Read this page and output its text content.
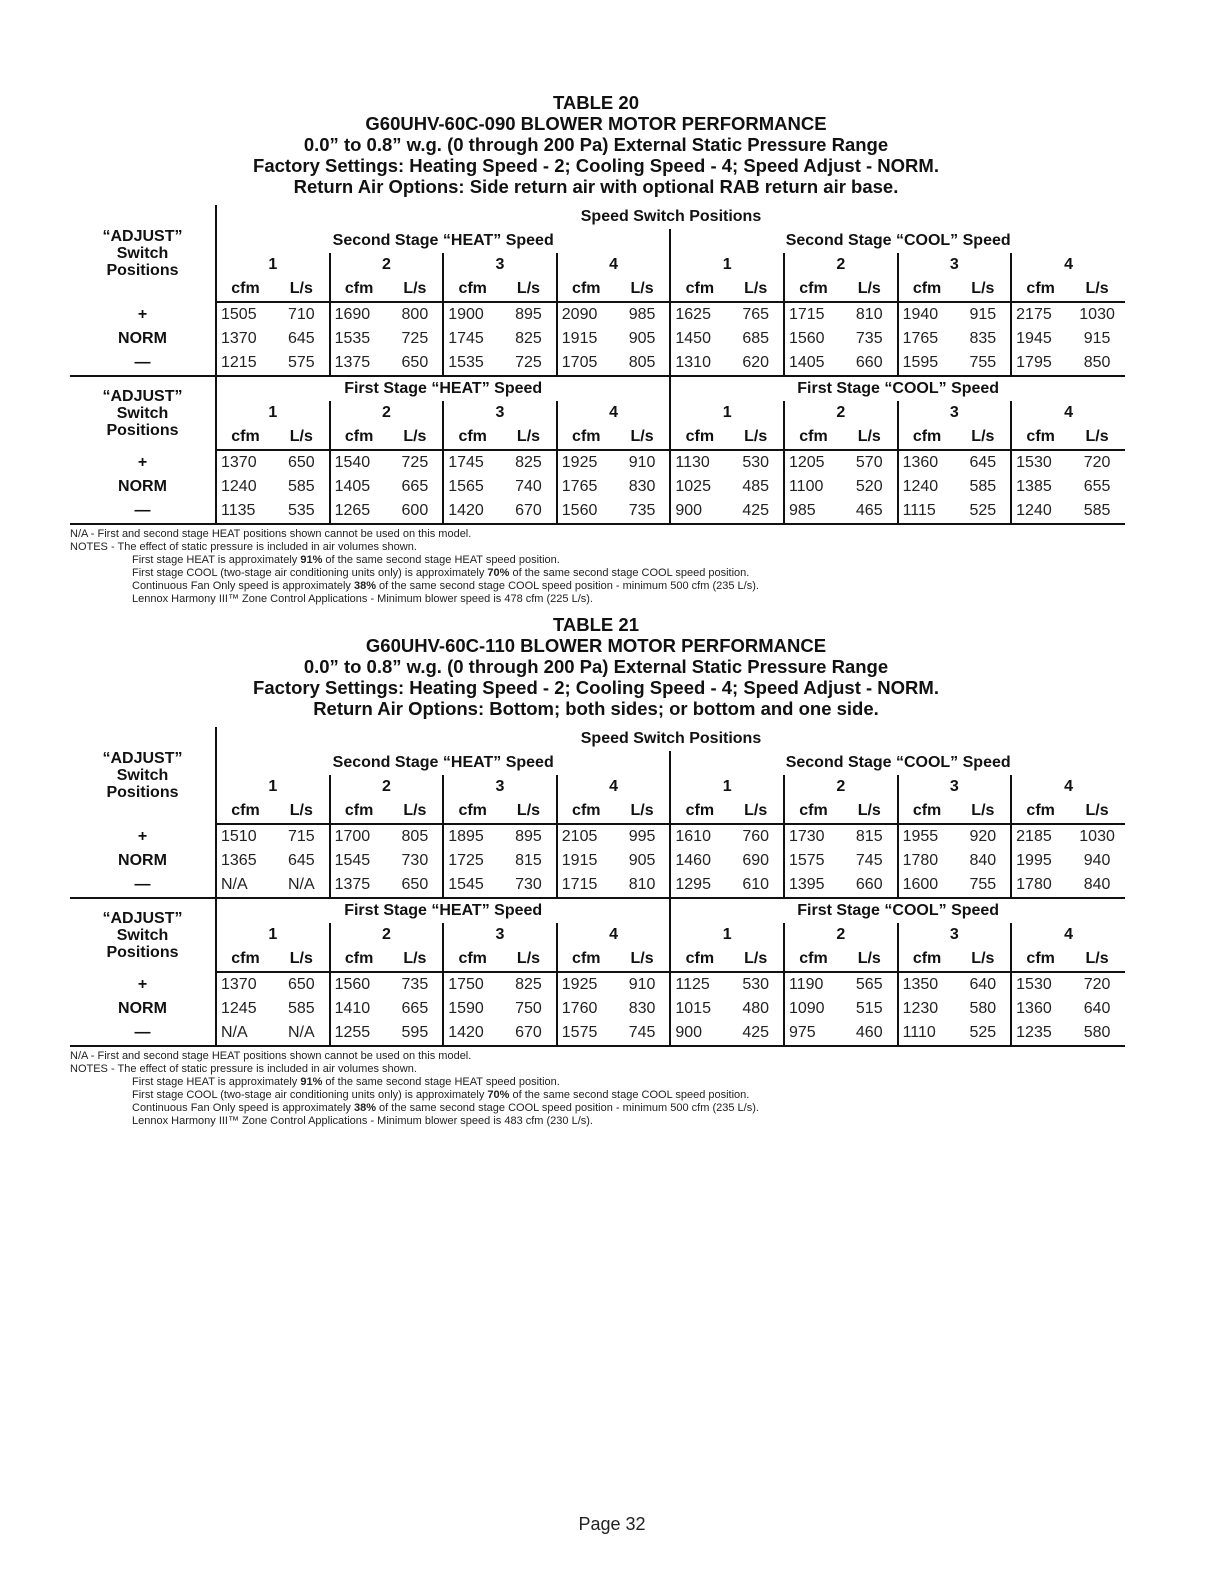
TABLE 20
G60UHV-60C-090 BLOWER MOTOR PERFORMANCE
0.0” to 0.8” w.g. (0 through 200 Pa) External Static Pressure Range
Factory Settings: Heating Speed - 2; Cooling Speed - 4; Speed Adjust - NORM.
Return Air Options: Side return air with optional RAB return air base.
“ADJUST”
Switch
Positions	Speed Switch Positions															
	Second Stage “HEAT” Speed								Second Stage “COOL” Speed							
	1		2		3		4		1		2		3		4	
	cfm	L/s	cfm	L/s	cfm	L/s	cfm	L/s	cfm	L/s	cfm	L/s	cfm	L/s	cfm	L/s
+	1505	710	1690	800	1900	895	2090	985	1625	765	1715	810	1940	915	2175	1030
NORM	1370	645	1535	725	1745	825	1915	905	1450	685	1560	735	1765	835	1945	915
—	1215	575	1375	650	1535	725	1705	805	1310	620	1405	660	1595	755	1795	850

“ADJUST”
Switch
Positions	First Stage “HEAT” Speed								First Stage “COOL” Speed							
	1		2		3		4		1		2		3		4	
	cfm	L/s	cfm	L/s	cfm	L/s	cfm	L/s	cfm	L/s	cfm	L/s	cfm	L/s	cfm	L/s
+	1370	650	1540	725	1745	825	1925	910	1130	530	1205	570	1360	645	1530	720
NORM	1240	585	1405	665	1565	740	1765	830	1025	485	1100	520	1240	585	1385	655
—	1135	535	1265	600	1420	670	1560	735	900	425	985	465	1115	525	1240	585
N/A - First and second stage HEAT positions shown cannot be used on this model.
NOTES - The effect of static pressure is included in air volumes shown.
First stage HEAT is approximately 91% of the same second stage HEAT speed position.
First stage COOL (two-stage air conditioning units only) is approximately 70% of the same second stage COOL speed position.
Continuous Fan Only speed is approximately 38% of the same second stage COOL speed position - minimum 500 cfm (235 L/s).
Lennox Harmony III™ Zone Control Applications - Minimum blower speed is 478 cfm (225 L/s).
TABLE 21
G60UHV-60C-110 BLOWER MOTOR PERFORMANCE
0.0” to 0.8” w.g. (0 through 200 Pa) External Static Pressure Range
Factory Settings: Heating Speed - 2; Cooling Speed - 4; Speed Adjust - NORM.
Return Air Options: Bottom; both sides; or bottom and one side.
“ADJUST”
Switch
Positions	Speed Switch Positions															
	Second Stage “HEAT” Speed								Second Stage “COOL” Speed							
	1		2		3		4		1		2		3		4	
	cfm	L/s	cfm	L/s	cfm	L/s	cfm	L/s	cfm	L/s	cfm	L/s	cfm	L/s	cfm	L/s
+	1510	715	1700	805	1895	895	2105	995	1610	760	1730	815	1955	920	2185	1030
NORM	1365	645	1545	730	1725	815	1915	905	1460	690	1575	745	1780	840	1995	940
—	N/A	N/A	1375	650	1545	730	1715	810	1295	610	1395	660	1600	755	1780	840

“ADJUST”
Switch
Positions	First Stage “HEAT” Speed								First Stage “COOL” Speed							
	1		2		3		4		1		2		3		4	
	cfm	L/s	cfm	L/s	cfm	L/s	cfm	L/s	cfm	L/s	cfm	L/s	cfm	L/s	cfm	L/s
+	1370	650	1560	735	1750	825	1925	910	1125	530	1190	565	1350	640	1530	720
NORM	1245	585	1410	665	1590	750	1760	830	1015	480	1090	515	1230	580	1360	640
—	N/A	N/A	1255	595	1420	670	1575	745	900	425	975	460	1110	525	1235	580
N/A - First and second stage HEAT positions shown cannot be used on this model.
NOTES - The effect of static pressure is included in air volumes shown.
First stage HEAT is approximately 91% of the same second stage HEAT speed position.
First stage COOL (two-stage air conditioning units only) is approximately 70% of the same second stage COOL speed position.
Continuous Fan Only speed is approximately 38% of the same second stage COOL speed position - minimum 500 cfm (235 L/s).
Lennox Harmony III™ Zone Control Applications - Minimum blower speed is 483 cfm (230 L/s).
Page 32
